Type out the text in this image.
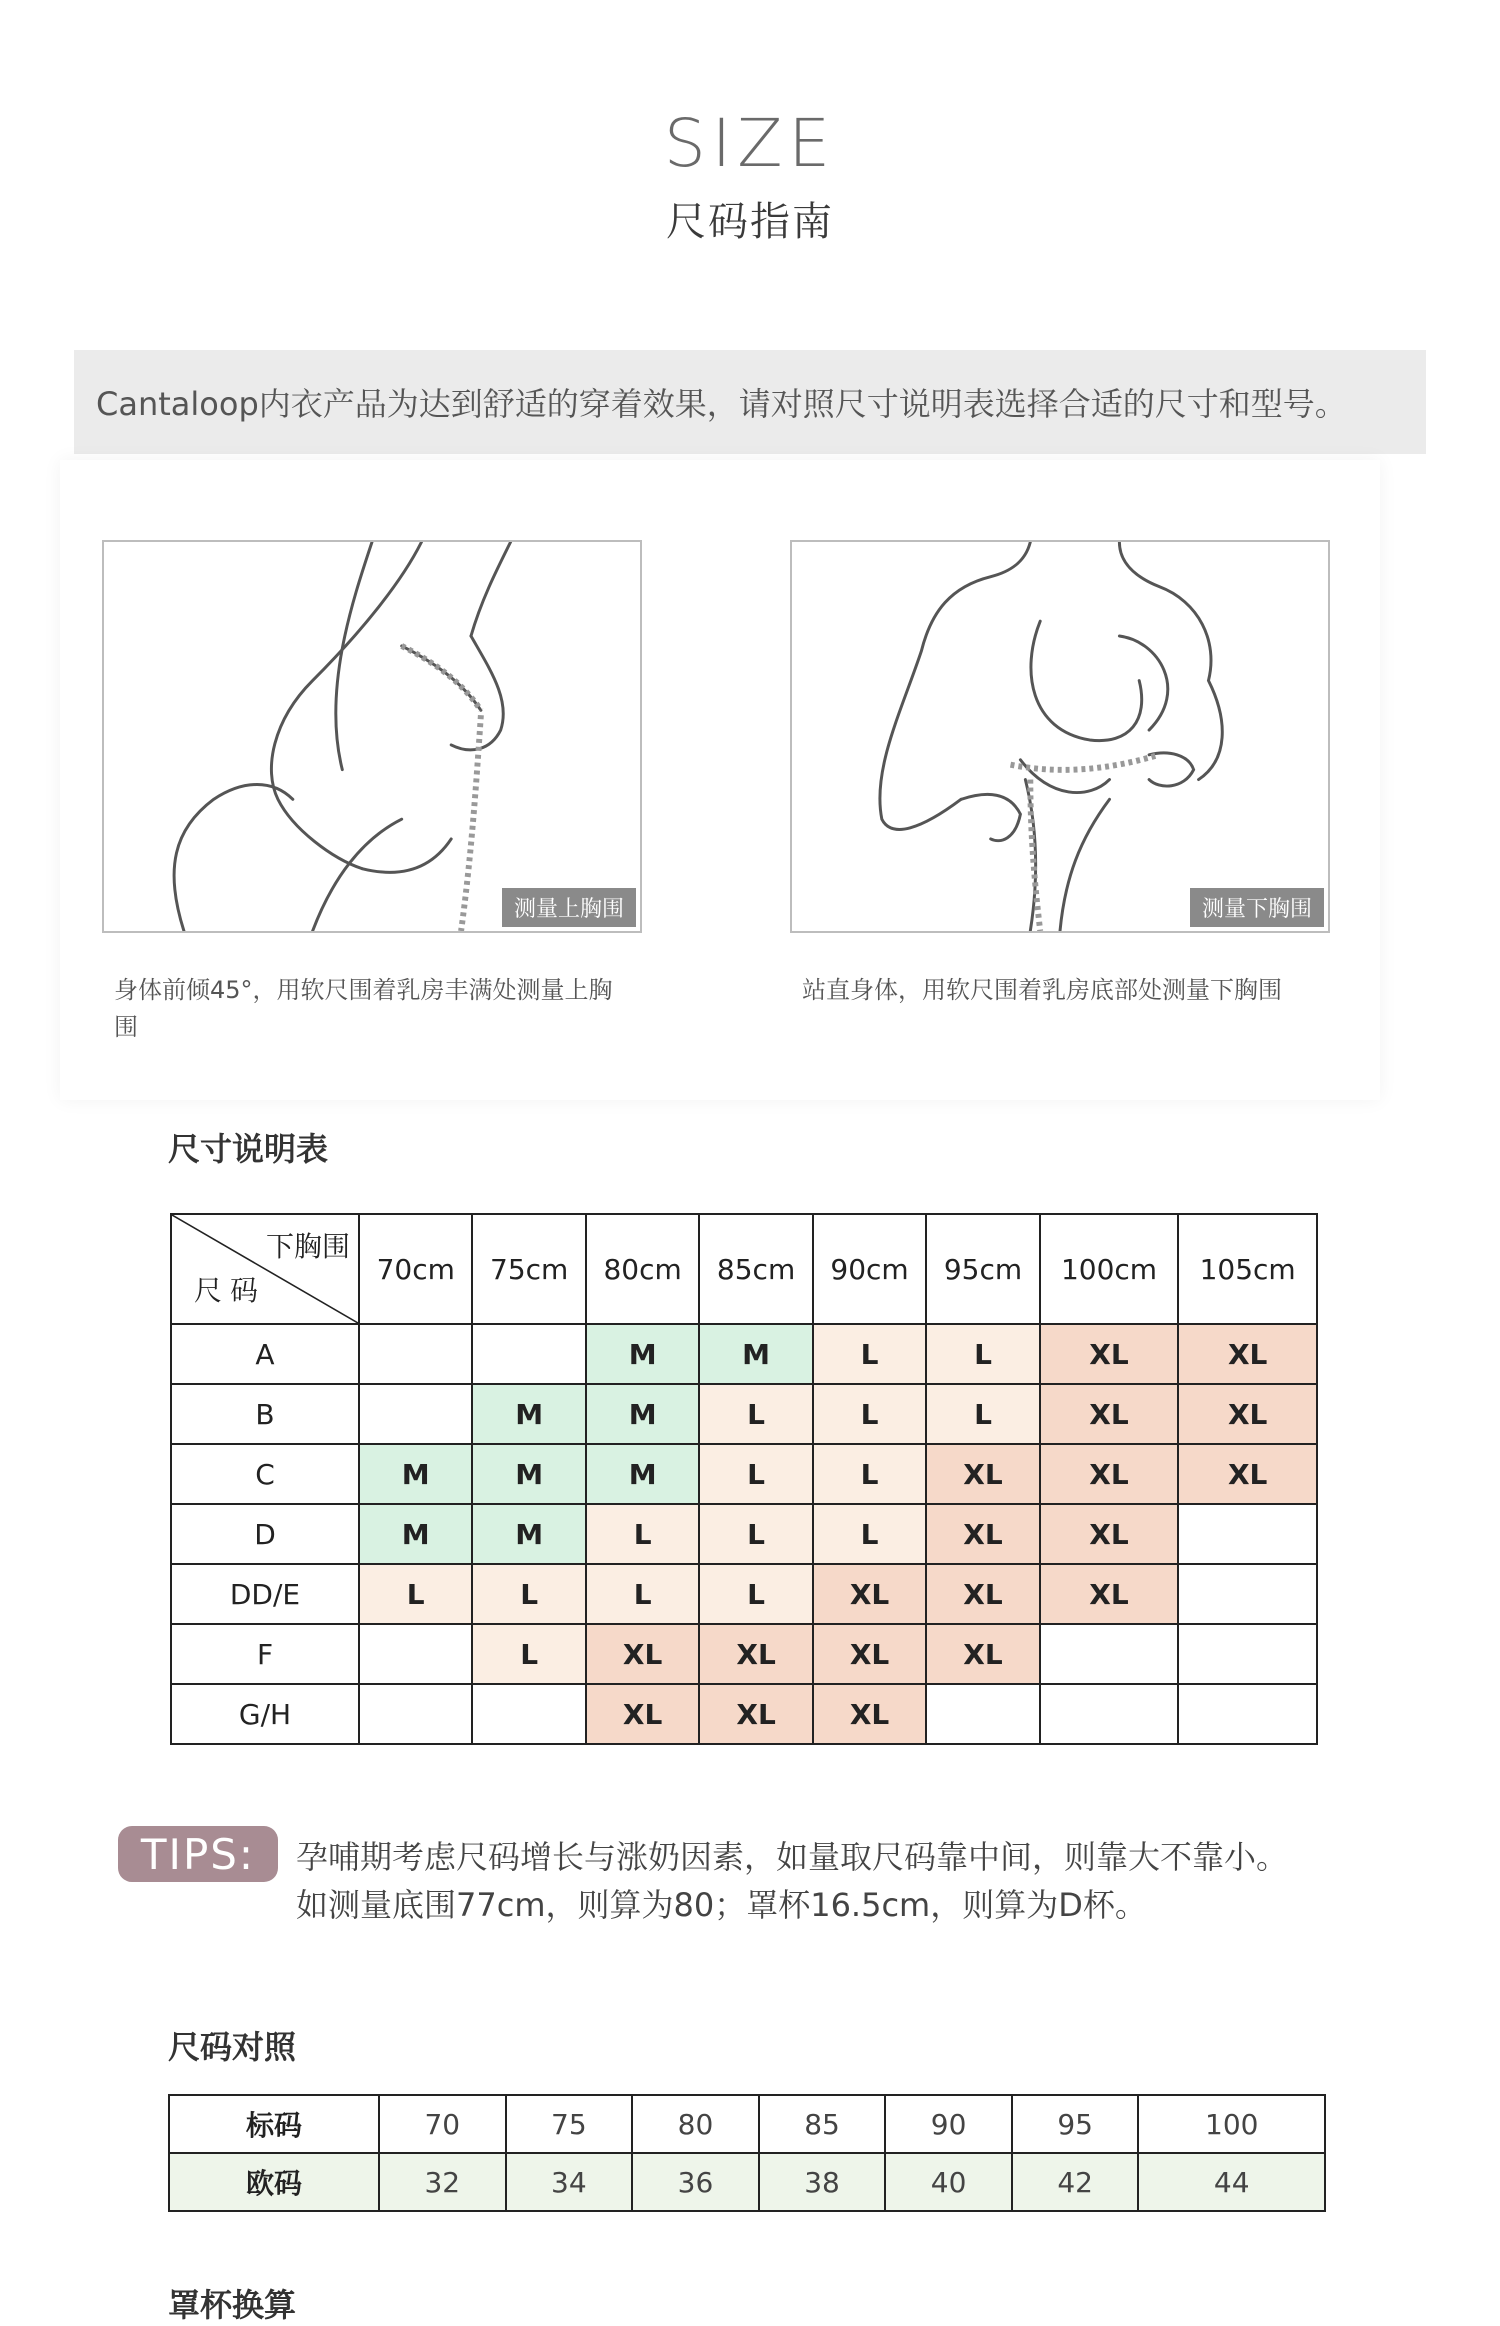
SIZE
尺码指南
Cantaloop内衣产品为达到舒适的穿着效果，请对照尺寸说明表选择合适的尺寸和型号。
测量上胸围
身体前倾45°，用软尺围着乳房丰满处测量上胸围
测量下胸围
站直身体，用软尺围着乳房底部处测量下胸围
尺寸说明表
下胸围
尺码	70cm	75cm	80cm	85cm	90cm	95cm	100cm	105cm
A			M	M	L	L	XL	XL
B		M	M	L	L	L	XL	XL
C	M	M	M	L	L	XL	XL	XL
D	M	M	L	L	L	XL	XL	
DD/E	L	L	L	L	XL	XL	XL	
F		L	XL	XL	XL	XL		
G/H			XL	XL	XL			
TIPS:	孕哺期考虑尺码增长与涨奶因素，如量取尺码靠中间，则靠大不靠小。
如测量底围77cm，则算为80；罩杯16.5cm，则算为D杯。
尺码对照
标码	70	75	80	85	90	95	100
欧码	32	34	36	38	40	42	44
罩杯换算
